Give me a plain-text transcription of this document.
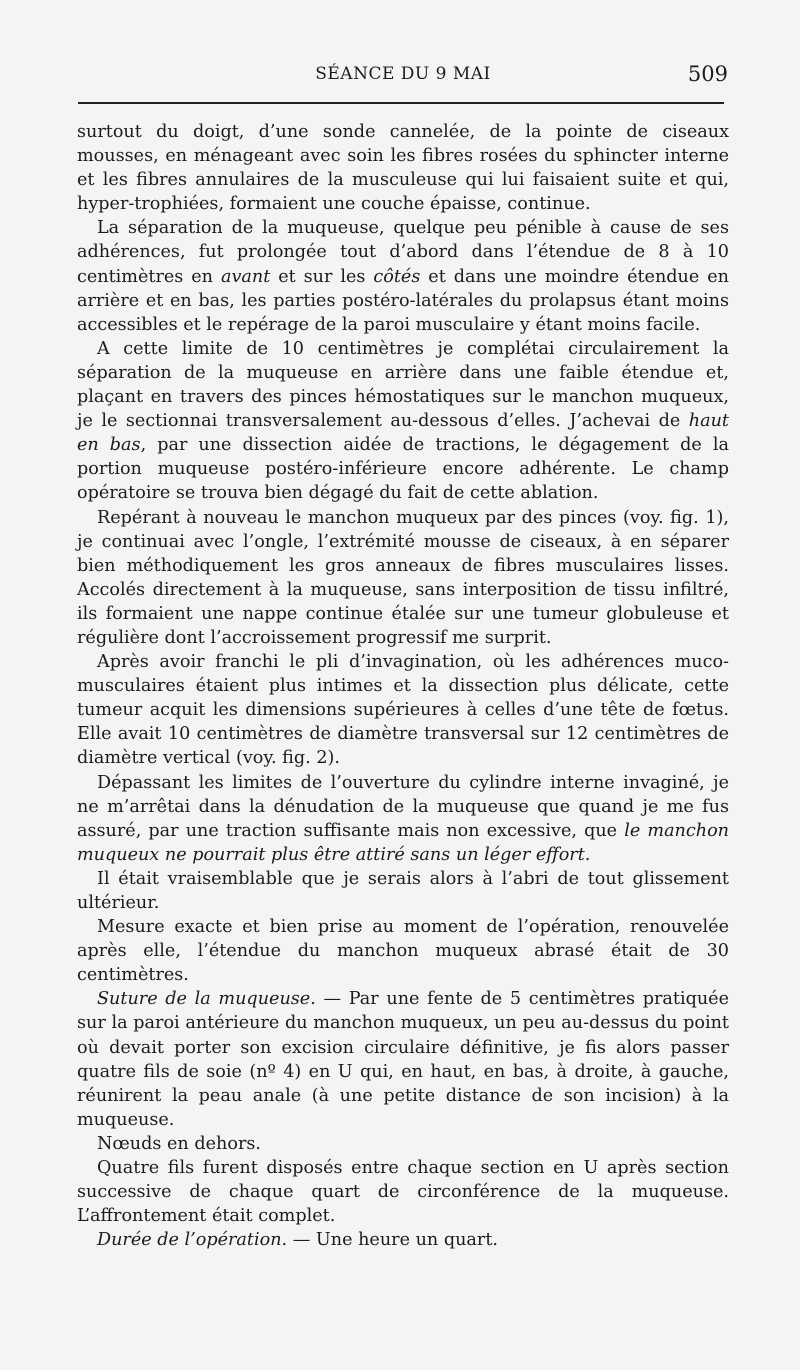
SÉANCE DU 9 MAI	509

surtout du doigt, d’une sonde cannelée, de la pointe de ciseaux mousses, en ménageant avec soin les fibres rosées du sphincter interne et les fibres annulaires de la musculeuse qui lui faisaient suite et qui, hyper-trophiées, formaient une couche épaisse, continue.

La séparation de la muqueuse, quelque peu pénible à cause de ses adhérences, fut prolongée tout d’abord dans l’étendue de 8 à 10 centimètres en avant et sur les côtés et dans une moindre étendue en arrière et en bas, les parties postéro-latérales du prolapsus étant moins accessibles et le repérage de la paroi musculaire y étant moins facile.

A cette limite de 10 centimètres je complétai circulairement la séparation de la muqueuse en arrière dans une faible étendue et, plaçant en travers des pinces hémostatiques sur le manchon muqueux, je le sectionnai transversalement au-dessous d’elles. J’achevai de haut en bas, par une dissection aidée de tractions, le dégagement de la portion muqueuse postéro-inférieure encore adhérente. Le champ opératoire se trouva bien dégagé du fait de cette ablation.

Repérant à nouveau le manchon muqueux par des pinces (voy. fig. 1), je continuai avec l’ongle, l’extrémité mousse de ciseaux, à en séparer bien méthodiquement les gros anneaux de fibres musculaires lisses. Accolés directement à la muqueuse, sans interposition de tissu infiltré, ils formaient une nappe continue étalée sur une tumeur globuleuse et régulière dont l’accroissement progressif me surprit.

Après avoir franchi le pli d’invagination, où les adhérences muco-musculaires étaient plus intimes et la dissection plus délicate, cette tumeur acquit les dimensions supérieures à celles d’une tête de fœtus. Elle avait 10 centimètres de diamètre transversal sur 12 centimètres de diamètre vertical (voy. fig. 2).

Dépassant les limites de l’ouverture du cylindre interne invaginé, je ne m’arrêtai dans la dénudation de la muqueuse que quand je me fus assuré, par une traction suffisante mais non excessive, que le manchon muqueux ne pourrait plus être attiré sans un léger effort.

Il était vraisemblable que je serais alors à l’abri de tout glissement ultérieur.

Mesure exacte et bien prise au moment de l’opération, renouvelée après elle, l’étendue du manchon muqueux abrasé était de 30 centimètres.

Suture de la muqueuse. — Par une fente de 5 centimètres pratiquée sur la paroi antérieure du manchon muqueux, un peu au-dessus du point où devait porter son excision circulaire définitive, je fis alors passer quatre fils de soie (nº 4) en U qui, en haut, en bas, à droite, à gauche, réunirent la peau anale (à une petite distance de son incision) à la muqueuse.

Nœuds en dehors.

Quatre fils furent disposés entre chaque section en U après section successive de chaque quart de circonférence de la muqueuse. L’affrontement était complet.

Durée de l’opération. — Une heure un quart.
